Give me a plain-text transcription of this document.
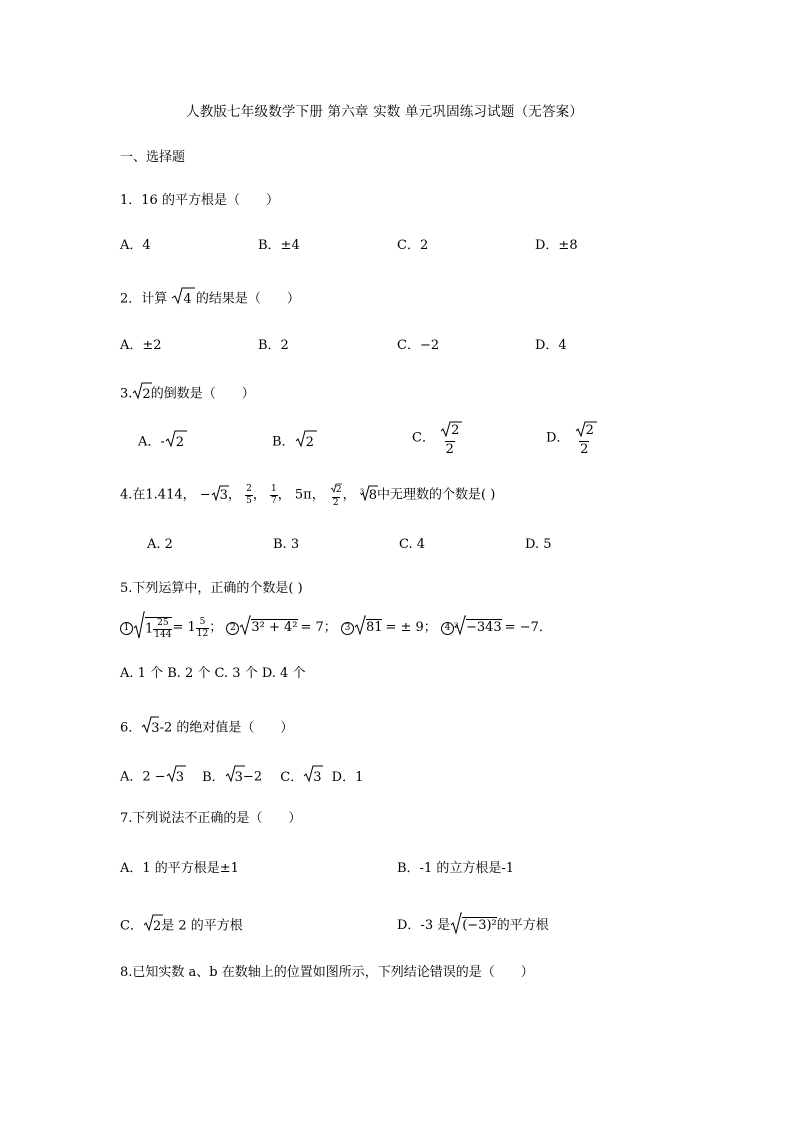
人教版七年级数学下册 第六章 实数 单元巩固练习试题（无答案）
一、选择题
1．16 的平方根是（　　）
A．4	B．±4	C．2	D．±8
2．计算 4 的结果是（　　）
A．±2	B．2	C．−2	D．4
3. 2的倒数是（　　）
A．- 2	B． 2	C． $\frac{2}{2}$	D． $\frac{2}{2}$
4.在1.414， − 3， $\frac{2}{5}$ ， $\frac{1}{7}$ ， 5π， $\frac{2}{2}$ ， 3 8中无理数的个数是( )
A. 2	B. 3	C. 4	D. 5
5.下列运算中，正确的个数是( )
1 $1 \frac{25}{144} = 1 \frac{5}{12}$ ； 2 3² + 4² = 7； 3 81 = ± 9； 4 3 −343 = −7．
A. 1 个 B. 2 个 C. 3 个 D. 4 个
6． 3-2 的绝对值是（　　）
A．2 − 3 B． 3−2 C． 3 D．1
7.下列说法不正确的是（　　）
A．1 的平方根是±1	B．-1 的立方根是-1
C． 2是 2 的平方根	D．-3 是 (−3)²的平方根
8.已知实数 a、b 在数轴上的位置如图所示，下列结论错误的是（　　）
